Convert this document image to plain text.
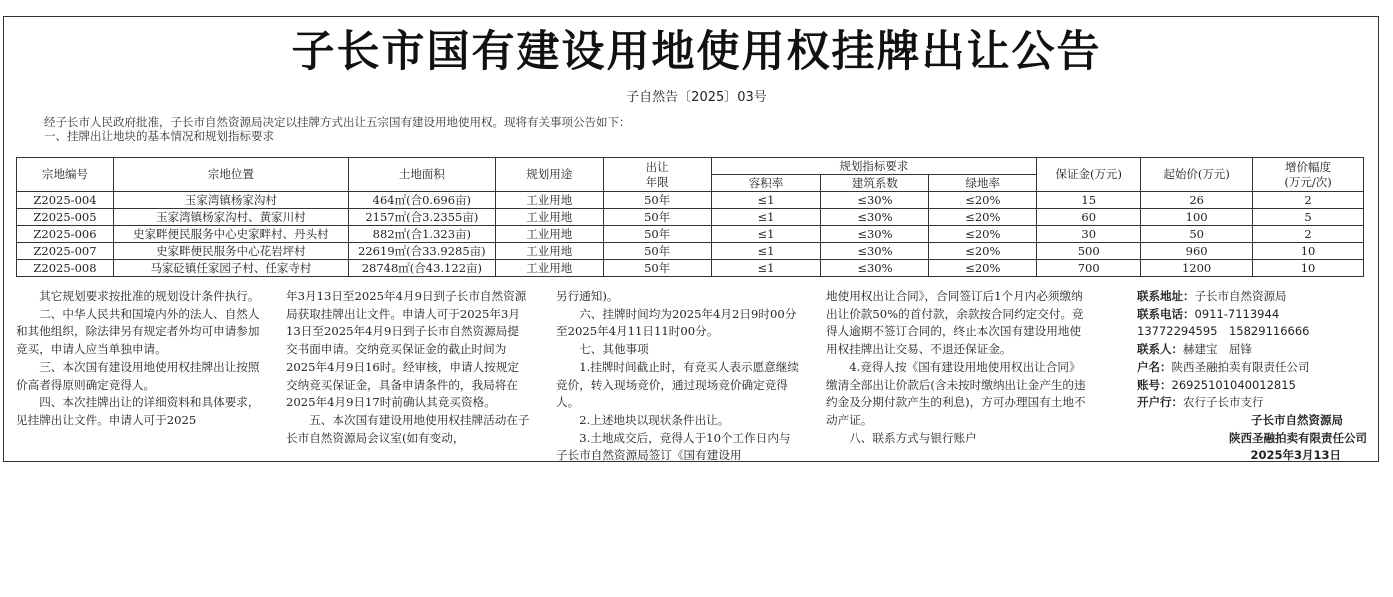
子长市国有建设用地使用权挂牌出让公告
子自然告〔2025〕03号
经子长市人民政府批准，子长市自然资源局决定以挂牌方式出让五宗国有建设用地使用权。现将有关事项公告如下：
一、挂牌出让地块的基本情况和规划指标要求
宗地编号	宗地位置	土地面积	规划用途	出让
年限	规划指标要求			保证金(万元)	起始价(万元)	增价幅度
(万元/次)
					容积率	建筑系数	绿地率			
Z2025-004	玉家湾镇杨家沟村	464㎡(合0.696亩)	工业用地	50年	≤1	≤30%	≤20%	15	26	2
Z2025-005	玉家湾镇杨家沟村、黄家川村	2157㎡(合3.2355亩)	工业用地	50年	≤1	≤30%	≤20%	60	100	5
Z2025-006	史家畔便民服务中心史家畔村、丹头村	882㎡(合1.323亩)	工业用地	50年	≤1	≤30%	≤20%	30	50	2
Z2025-007	史家畔便民服务中心花岩坪村	22619㎡(合33.9285亩)	工业用地	50年	≤1	≤30%	≤20%	500	960	10
Z2025-008	马家砭镇任家园子村、任家寺村	28748㎡(合43.122亩)	工业用地	50年	≤1	≤30%	≤20%	700	1200	10

其它规划要求按批准的规划设计条件执行。

二、中华人民共和国境内外的法人、自然人和其他组织，除法律另有规定者外均可申请参加竞买，申请人应当单独申请。

三、本次国有建设用地使用权挂牌出让按照价高者得原则确定竞得人。

四、本次挂牌出让的详细资料和具体要求，见挂牌出让文件。申请人可于2025

年3月13日至2025年4月9日到子长市自然资源局获取挂牌出让文件。申请人可于2025年3月13日至2025年4月9日到子长市自然资源局提交书面申请。交纳竞买保证金的截止时间为2025年4月9日16时。经审核，申请人按规定交纳竞买保证金，具备申请条件的，我局将在2025年4月9日17时前确认其竞买资格。

五、本次国有建设用地使用权挂牌活动在子长市自然资源局会议室(如有变动，

另行通知)。

六、挂牌时间均为2025年4月2日9时00分至2025年4月11日11时00分。

七、其他事项

1.挂牌时间截止时，有竞买人表示愿意继续竞价，转入现场竞价，通过现场竞价确定竞得人。

2.上述地块以现状条件出让。

3.土地成交后，竞得人于10个工作日内与子长市自然资源局签订《国有建设用

地使用权出让合同》，合同签订后1个月内必须缴纳出让价款50%的首付款，余款按合同约定交付。竞得人逾期不签订合同的，终止本次国有建设用地使用权挂牌出让交易、不退还保证金。

4.竞得人按《国有建设用地使用权出让合同》缴清全部出让价款后(含未按时缴纳出让金产生的违约金及分期付款产生的利息)，方可办理国有土地不动产证。

八、联系方式与银行账户

联系地址：子长市自然资源局
联系电话：0911-7113944
13772294595　15829116666
联系人：赫建宝　屈锋
户名：陕西圣融拍卖有限责任公司
账号：26925101040012815
开户行：农行子长市支行
子长市自然资源局
陕西圣融拍卖有限责任公司
2025年3月13日
